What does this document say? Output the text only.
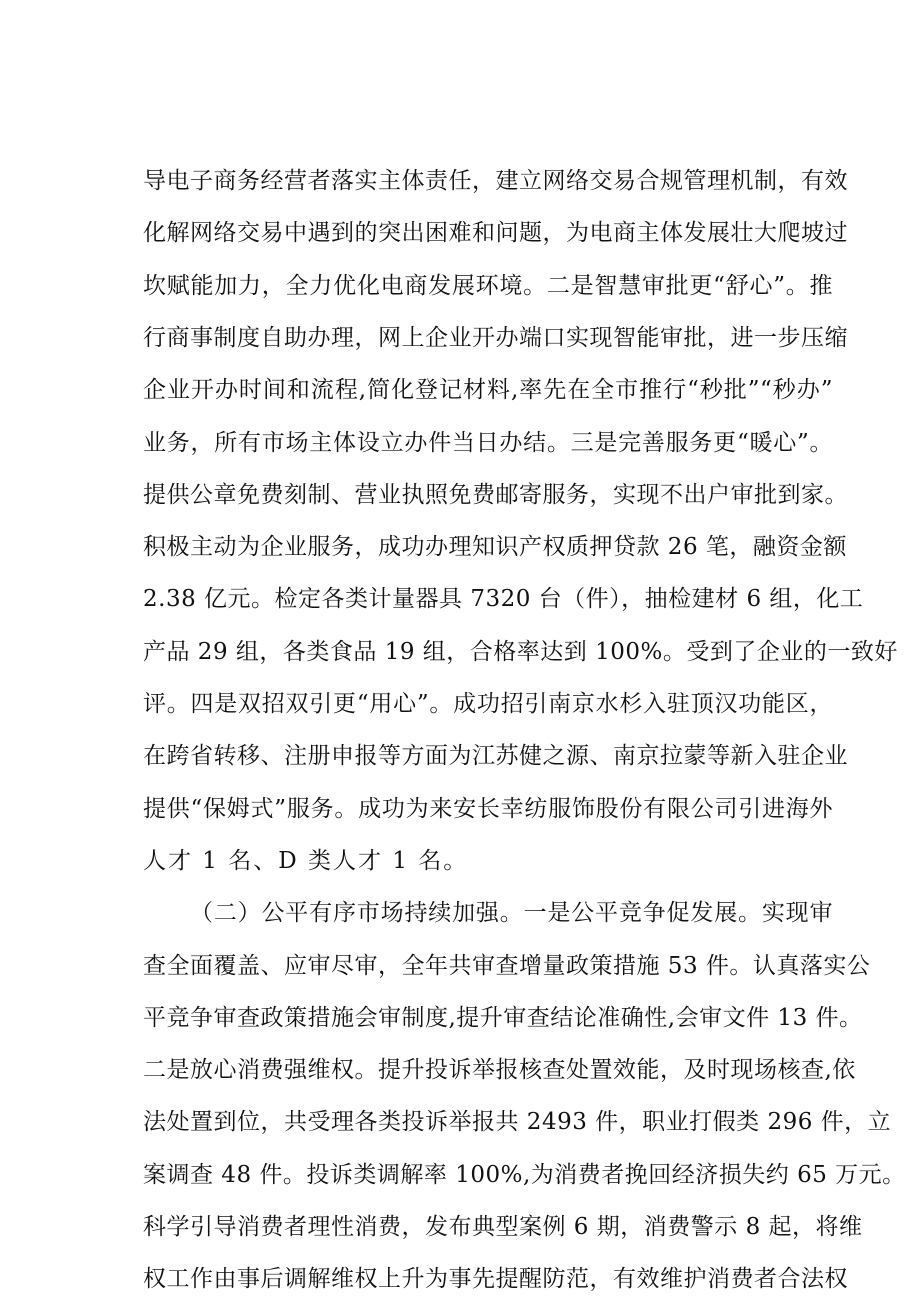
导电子商务经营者落实主体责任，建立网络交易合规管理机制，有效
化解网络交易中遇到的突出困难和问题，为电商主体发展壮大爬坡过
坎赋能加力，全力优化电商发展环境。二是智慧审批更“舒心”。推
行商事制度自助办理，网上企业开办端口实现智能审批，进一步压缩
企业开办时间和流程,简化登记材料,率先在全市推行“秒批”“秒办”
业务，所有市场主体设立办件当日办结。三是完善服务更“暖心”。
提供公章免费刻制、营业执照免费邮寄服务，实现不出户审批到家。
积极主动为企业服务，成功办理知识产权质押贷款 26 笔，融资金额
2.38 亿元。检定各类计量器具 7320 台（件），抽检建材 6 组，化工
产品 29 组，各类食品 19 组，合格率达到 100%。受到了企业的一致好
评。四是双招双引更“用心”。成功招引南京水杉入驻顶汉功能区，
在跨省转移、注册申报等方面为江苏健之源、南京拉蒙等新入驻企业
提供“保姆式”服务。成功为来安长幸纺服饰股份有限公司引进海外
人才 1 名、D 类人才 1 名。
（二）公平有序市场持续加强。一是公平竞争促发展。实现审
查全面覆盖、应审尽审，全年共审查增量政策措施 53 件。认真落实公
平竞争审查政策措施会审制度,提升审查结论准确性,会审文件 13 件。
二是放心消费强维权。提升投诉举报核查处置效能，及时现场核查,依
法处置到位，共受理各类投诉举报共 2493 件，职业打假类 296 件，立
案调查 48 件。投诉类调解率 100%,为消费者挽回经济损失约 65 万元。
科学引导消费者理性消费，发布典型案例 6 期，消费警示 8 起，将维
权工作由事后调解维权上升为事先提醒防范，有效维护消费者合法权
